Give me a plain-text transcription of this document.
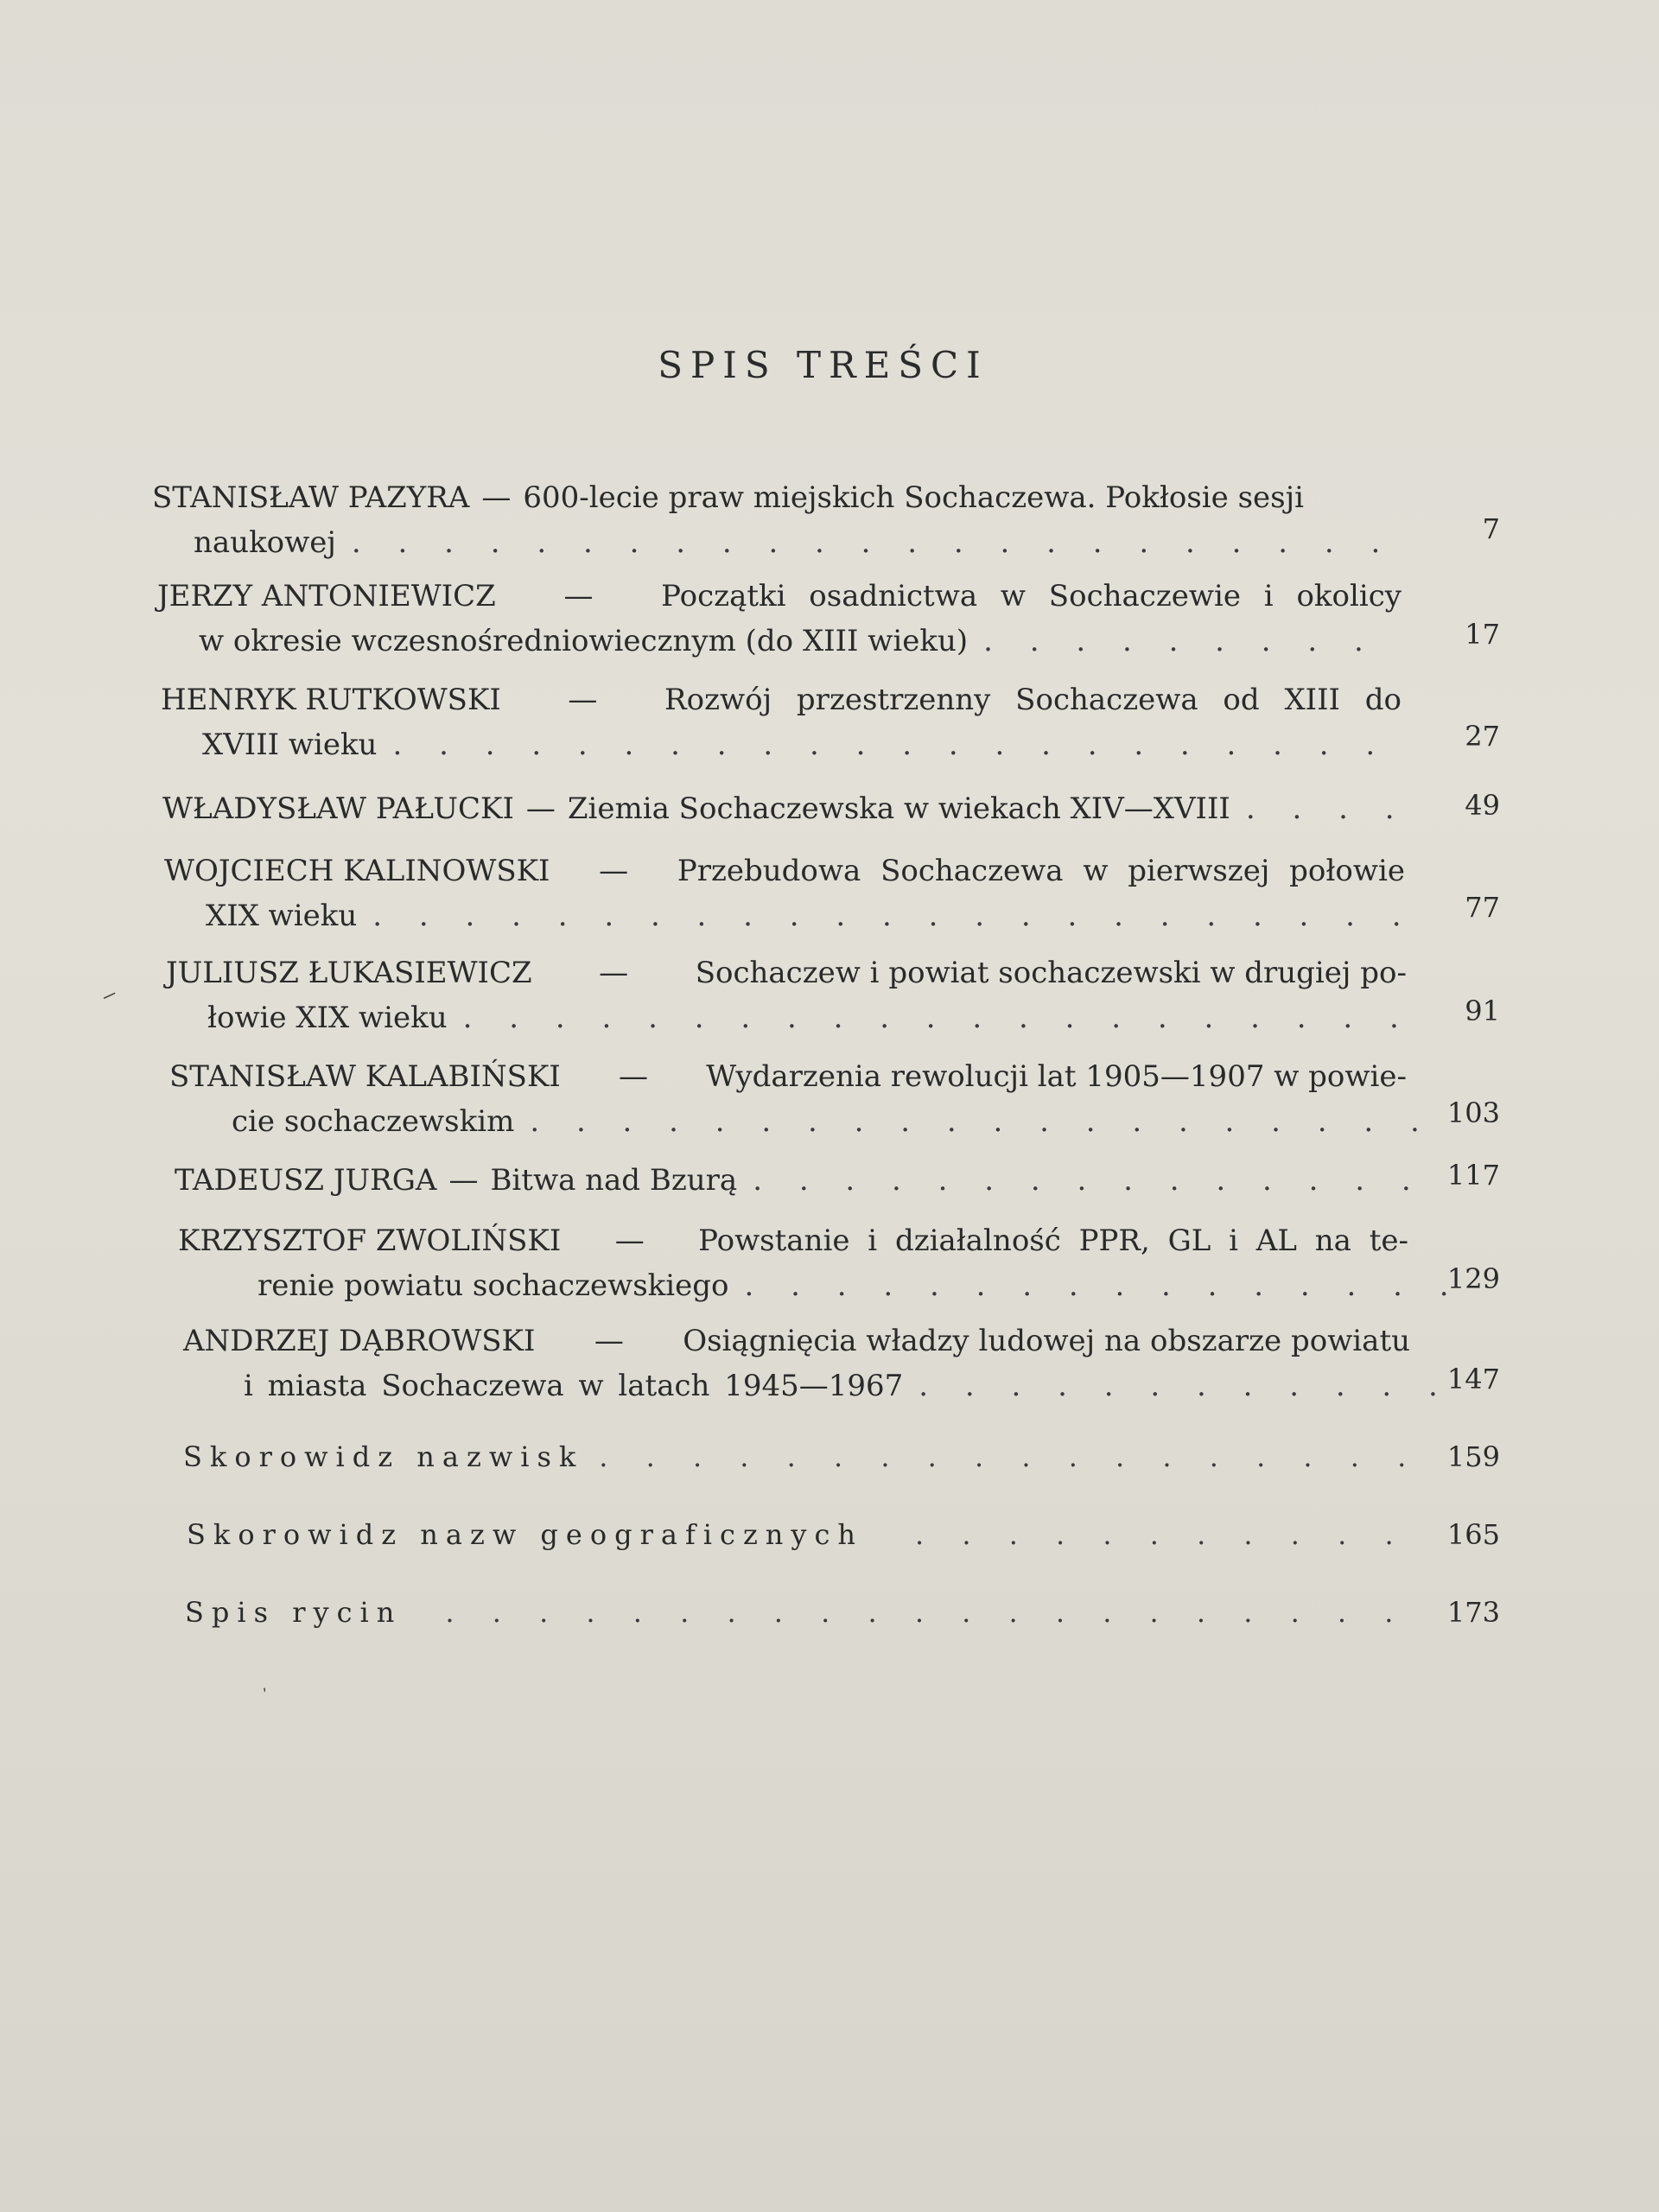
SPIS TREŚCI
STANISŁAW PAZYRA — 600-lecie praw miejskich Sochaczewa. Pokłosie sesji
naukowej . . .	7
JERZY ANTONIEWICZ — Początki osadnictwa w Sochaczewie i okolicy
w okresie wczesnośredniowiecznym (do XIII wieku) . . .	17
HENRYK RUTKOWSKI — Rozwój przestrzenny Sochaczewa od XIII do
XVIII wieku . . .	27
WŁADYSŁAW PAŁUCKI — Ziemia Sochaczewska w wiekach XIV—XVIII . . .	49
WOJCIECH KALINOWSKI — Przebudowa Sochaczewa w pierwszej połowie
XIX wieku . . .	77
JULIUSZ ŁUKASIEWICZ — Sochaczew i powiat sochaczewski w drugiej po-
łowie XIX wieku . . .	91
STANISŁAW KALABIŃSKI — Wydarzenia rewolucji lat 1905—1907 w powie-
cie sochaczewskim . . .	103
TADEUSZ JURGA — Bitwa nad Bzurą . . .	117
KRZYSZTOF ZWOLIŃSKI — Powstanie i działalność PPR, GL i AL na te-
renie powiatu sochaczewskiego . . .	129
ANDRZEJ DĄBROWSKI — Osiągnięcia władzy ludowej na obszarze powiatu
i miasta Sochaczewa w latach 1945—1967 . . .	147
Skorowidz nazwisk . . .	159
Skorowidz nazw geograficznych . . .	165
Spis rycin . . .	173
⸝
’
